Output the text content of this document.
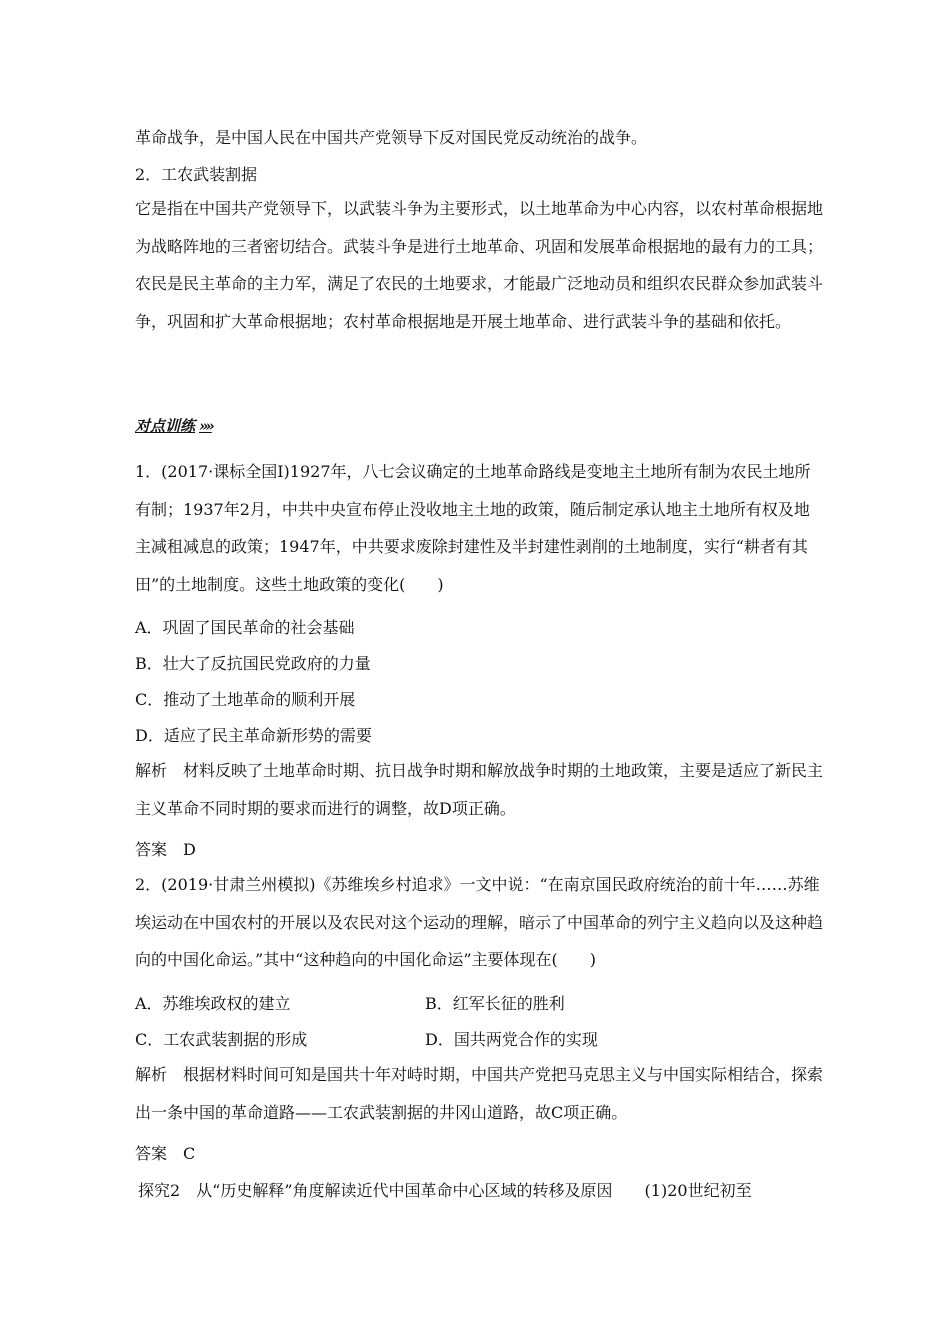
革命战争，是中国人民在中国共产党领导下反对国民党反动统治的战争。
2．工农武装割据
它是指在中国共产党领导下，以武装斗争为主要形式，以土地革命为中心内容，以农村革命根据地为战略阵地的三者密切结合。武装斗争是进行土地革命、巩固和发展革命根据地的最有力的工具；农民是民主革命的主力军，满足了农民的土地要求，才能最广泛地动员和组织农民群众参加武装斗争，巩固和扩大革命根据地；农村革命根据地是开展土地革命、进行武装斗争的基础和依托。
对点训练 »»
1．(2017·课标全国Ⅰ)1927年，八七会议确定的土地革命路线是变地主土地所有制为农民土地所有制；1937年2月，中共中央宣布停止没收地主土地的政策，随后制定承认地主土地所有权及地主减租减息的政策；1947年，中共要求废除封建性及半封建性剥削的土地制度，实行“耕者有其田”的土地制度。这些土地政策的变化(　　)
A．巩固了国民革命的社会基础
B．壮大了反抗国民党政府的力量
C．推动了土地革命的顺利开展
D．适应了民主革命新形势的需要
解析 材料反映了土地革命时期、抗日战争时期和解放战争时期的土地政策，主要是适应了新民主主义革命不同时期的要求而进行的调整，故D项正确。
答案 D
2．(2019·甘肃兰州模拟)《苏维埃乡村追求》一文中说：“在南京国民政府统治的前十年……苏维埃运动在中国农村的开展以及农民对这个运动的理解，暗示了中国革命的列宁主义趋向以及这种趋向的中国化命运。”其中“这种趋向的中国化命运”主要体现在(　　)
A．苏维埃政权的建立	B．红军长征的胜利
C．工农武装割据的形成	D．国共两党合作的实现
解析 根据材料时间可知是国共十年对峙时期，中国共产党把马克思主义与中国实际相结合，探索出一条中国的革命道路——工农武装割据的井冈山道路，故C项正确。
答案 C
探究2　从“历史解释”角度解读近代中国革命中心区域的转移及原因　　(1)20世纪初至
